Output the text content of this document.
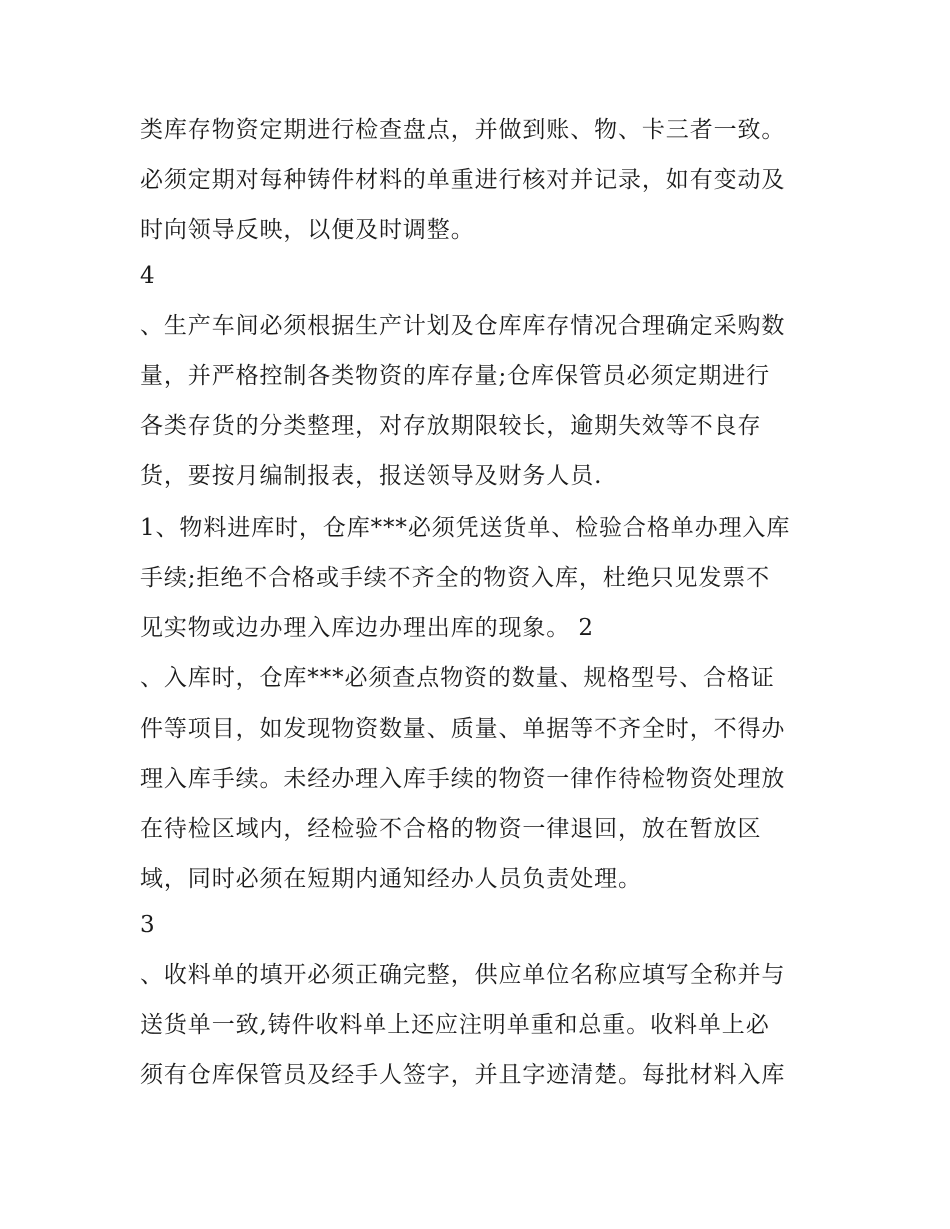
类库存物资定期进行检查盘点，并做到账、物、卡三者一致。
必须定期对每种铸件材料的单重进行核对并记录，如有变动及
时向领导反映，以便及时调整。
4
、生产车间必须根据生产计划及仓库库存情况合理确定采购数
量，并严格控制各类物资的库存量;仓库保管员必须定期进行
各类存货的分类整理，对存放期限较长，逾期失效等不良存
货，要按月编制报表，报送领导及财务人员.
1、物料进库时，仓库***必须凭送货单、检验合格单办理入库
手续;拒绝不合格或手续不齐全的物资入库，杜绝只见发票不
见实物或边办理入库边办理出库的现象。 2
、入库时，仓库***必须查点物资的数量、规格型号、合格证
件等项目，如发现物资数量、质量、单据等不齐全时，不得办
理入库手续。未经办理入库手续的物资一律作待检物资处理放
在待检区域内，经检验不合格的物资一律退回，放在暂放区
域，同时必须在短期内通知经办人员负责处理。
3
、收料单的填开必须正确完整，供应单位名称应填写全称并与
送货单一致,铸件收料单上还应注明单重和总重。收料单上必
须有仓库保管员及经手人签字，并且字迹清楚。每批材料入库
